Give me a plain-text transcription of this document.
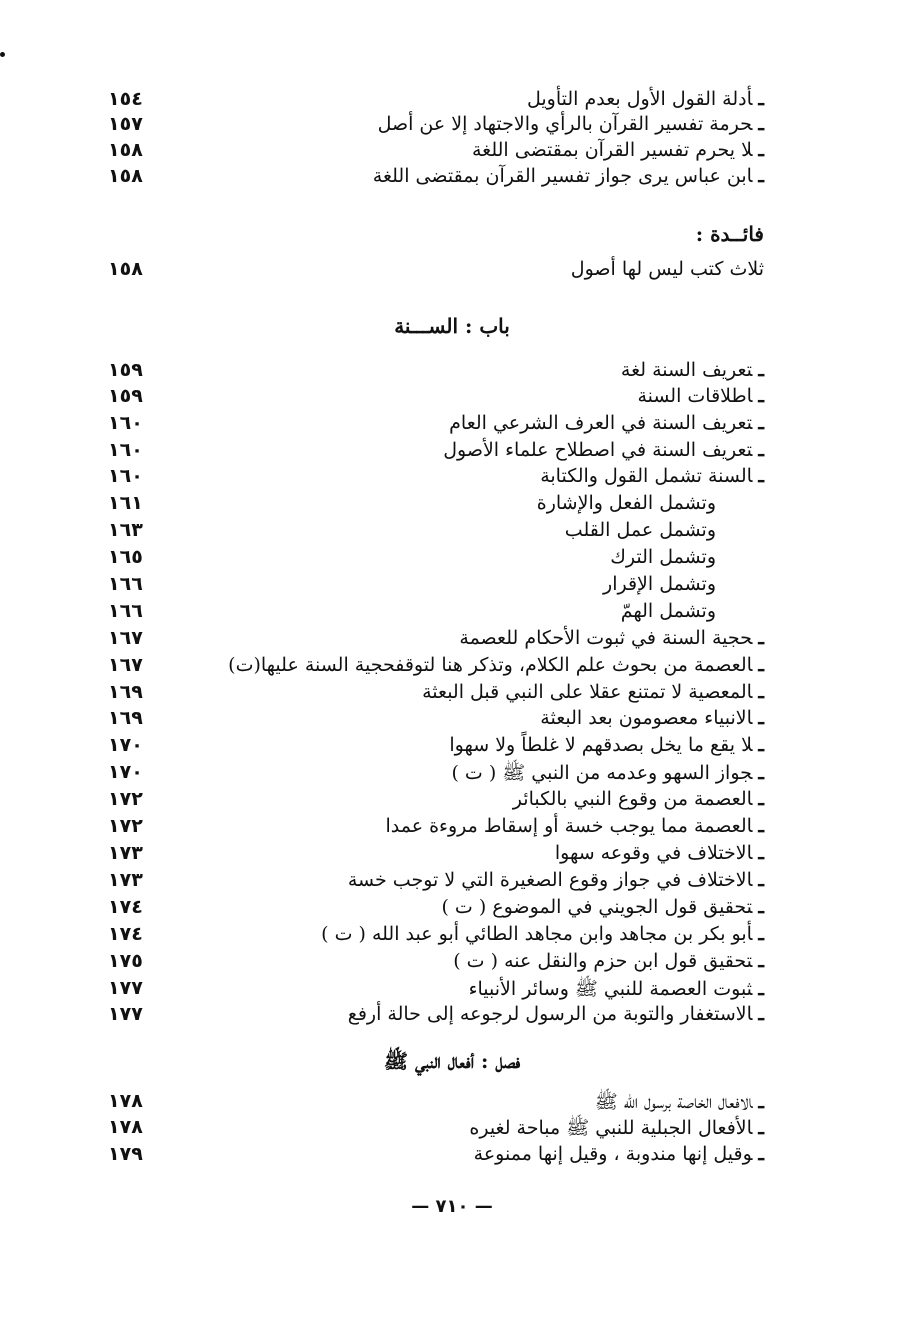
١٥٤	ـأدلة القول الأول بعدم التأويل
١٥٧	ـحرمة تفسير القرآن بالرأي والاجتهاد إلا عن أصل
١٥٨	ـلا يحرم تفسير القرآن بمقتضى اللغة
١٥٨	ـابن عباس يرى جواز تفسير القرآن بمقتضى اللغة
فائــدة :
١٥٨	ثلاث كتب ليس لها أصول
باب : الســـنة
١٥٩	ـتعريف السنة لغة
١٥٩	ـاطلاقات السنة
١٦٠	ـتعريف السنة في العرف الشرعي العام
١٦٠	ـتعريف السنة في اصطلاح علماء الأصول
١٦٠	ـالسنة تشمل القول والكتابة
١٦١	وتشمل الفعل والإشارة
١٦٣	وتشمل عمل القلب
١٦٥	وتشمل الترك
١٦٦	وتشمل الإقرار
١٦٦	وتشمل الهمّ
١٦٧	ـحجية السنة في ثبوت الأحكام للعصمة
١٦٧	ـالعصمة من بحوث علم الكلام، وتذكر هنا لتوقفحجية السنة عليها(ت)
١٦٩	ـالمعصية لا تمتنع عقلا على النبي قبل البعثة
١٦٩	ـالانبياء معصومون بعد البعثة
١٧٠	ـلا يقع ما يخل بصدقهم لا غلطاً ولا سهوا
١٧٠	ـجواز السهو وعدمه من النبي ﷺ ( ت )
١٧٢	ـالعصمة من وقوع النبي بالكبائر
١٧٢	ـالعصمة مما يوجب خسة أو إسقاط مروءة عمدا
١٧٣	ـالاختلاف في وقوعه سهوا
١٧٣	ـالاختلاف في جواز وقوع الصغيرة التي لا توجب خسة
١٧٤	ـتحقيق قول الجويني في الموضوع ( ت )
١٧٤	ـأبو بكر بن مجاهد وابن مجاهد الطائي أبو عبد الله ( ت )
١٧٥	ـتحقيق قول ابن حزم والنقل عنه ( ت )
١٧٧	ـثبوت العصمة للنبي ﷺ وسائر الأنبياء
١٧٧	ـالاستغفار والتوبة من الرسول لرجوعه إلى حالة أرفع
فصل : أفعال النبي ﷺ
١٧٨	ـالافعال الخاصة برسول الله ﷺ
١٧٨	ـالأفعال الجبلية للنبي ﷺ مباحة لغيره
١٧٩	ـوقيل إنها مندوبة ، وقيل إنها ممنوعة
— ٧١٠ —
